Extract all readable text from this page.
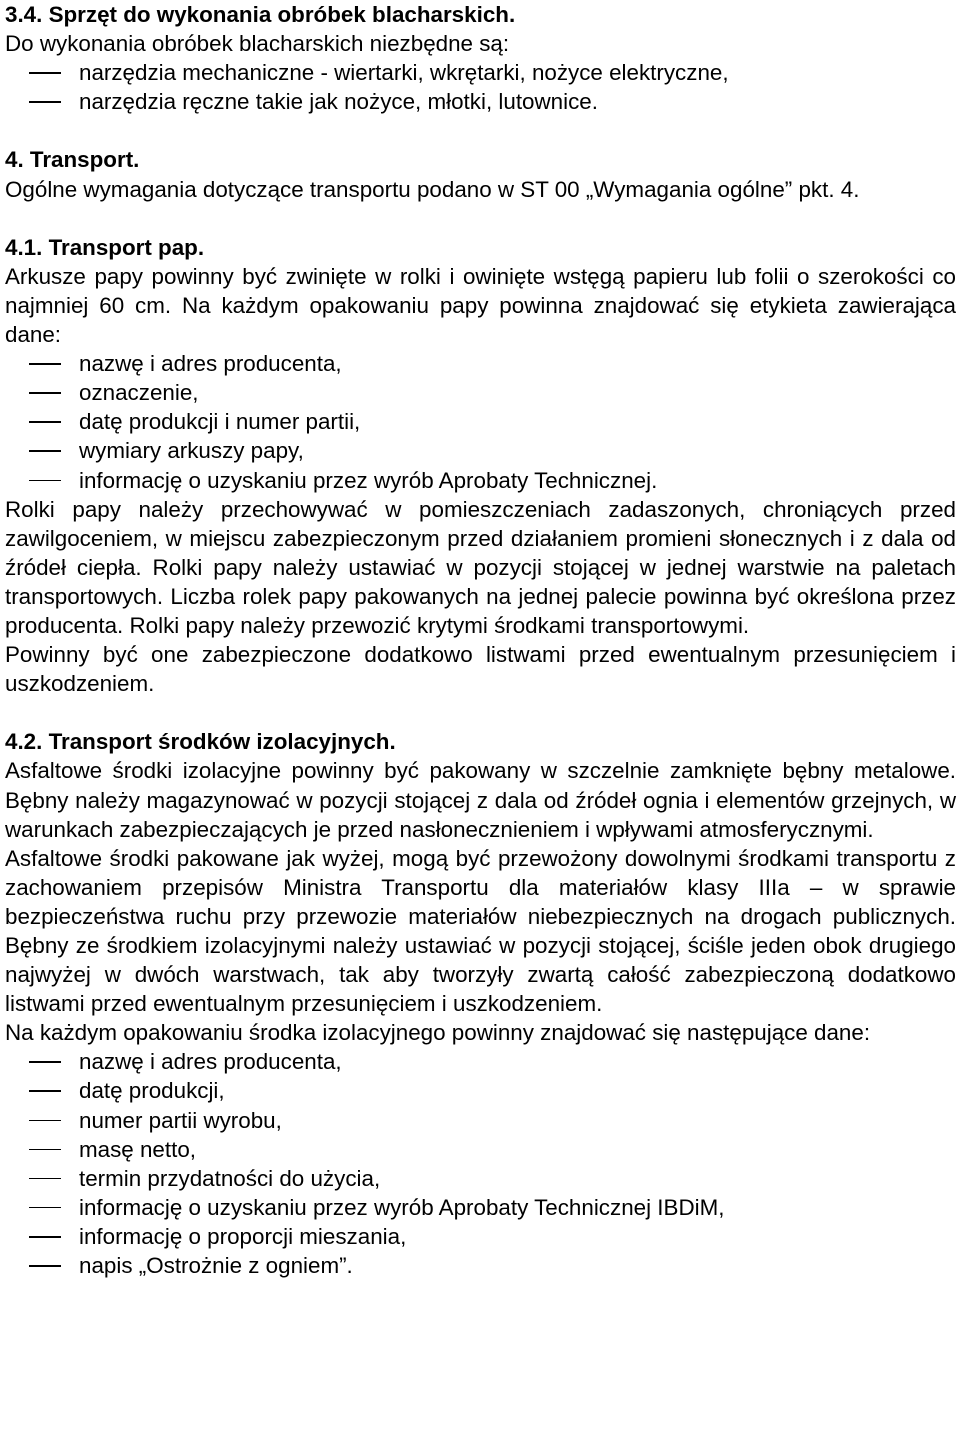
3.4. Sprzęt do wykonania obróbek blacharskich.

Do wykonania obróbek blacharskich niezbędne są:

narzędzia mechaniczne - wiertarki, wkrętarki, nożyce elektryczne,
narzędzia ręczne takie jak nożyce, młotki, lutownice.

4. Transport.

Ogólne wymagania dotyczące transportu podano w ST 00 „Wymagania ogólne” pkt. 4.

4.1. Transport pap.

Arkusze papy powinny być zwinięte w rolki i owinięte wstęgą papieru lub folii o szerokości co najmniej 60 cm. Na każdym opakowaniu papy powinna znajdować się etykieta zawierająca dane:

nazwę i adres producenta,
oznaczenie,
datę produkcji i numer partii,
wymiary arkuszy papy,
informację o uzyskaniu przez wyrób Aprobaty Technicznej.

Rolki papy należy przechowywać w pomieszczeniach zadaszonych, chroniących przed zawilgoceniem, w miejscu zabezpieczonym przed działaniem promieni słonecznych i z dala od źródeł ciepła. Rolki papy należy ustawiać w pozycji stojącej w jednej warstwie na paletach transportowych. Liczba rolek papy pakowanych na jednej palecie powinna być określona przez producenta. Rolki papy należy przewozić krytymi środkami transportowymi.

Powinny być one zabezpieczone dodatkowo listwami przed ewentualnym przesunięciem i uszkodzeniem.

4.2. Transport środków izolacyjnych.

Asfaltowe środki izolacyjne powinny być pakowany w szczelnie zamknięte bębny metalowe. Bębny należy magazynować w pozycji stojącej z dala od źródeł ognia i elementów grzejnych, w warunkach zabezpieczających je przed nasłonecznieniem i wpływami atmosferycznymi.

Asfaltowe środki pakowane jak wyżej, mogą być przewożony dowolnymi środkami transportu z zachowaniem przepisów Ministra Transportu dla materiałów klasy IIIa – w sprawie bezpieczeństwa ruchu przy przewozie materiałów niebezpiecznych na drogach publicznych. Bębny ze środkiem izolacyjnymi należy ustawiać w pozycji stojącej, ściśle jeden obok drugiego najwyżej w dwóch warstwach, tak aby tworzyły zwartą całość zabezpieczoną dodatkowo listwami przed ewentualnym przesunięciem i uszkodzeniem.

Na każdym opakowaniu środka izolacyjnego powinny znajdować się następujące dane:

nazwę i adres producenta,
datę produkcji,
numer partii wyrobu,
masę netto,
termin przydatności do użycia,
informację o uzyskaniu przez wyrób Aprobaty Technicznej IBDiM,
informację o proporcji mieszania,
napis „Ostrożnie z ogniem”.
